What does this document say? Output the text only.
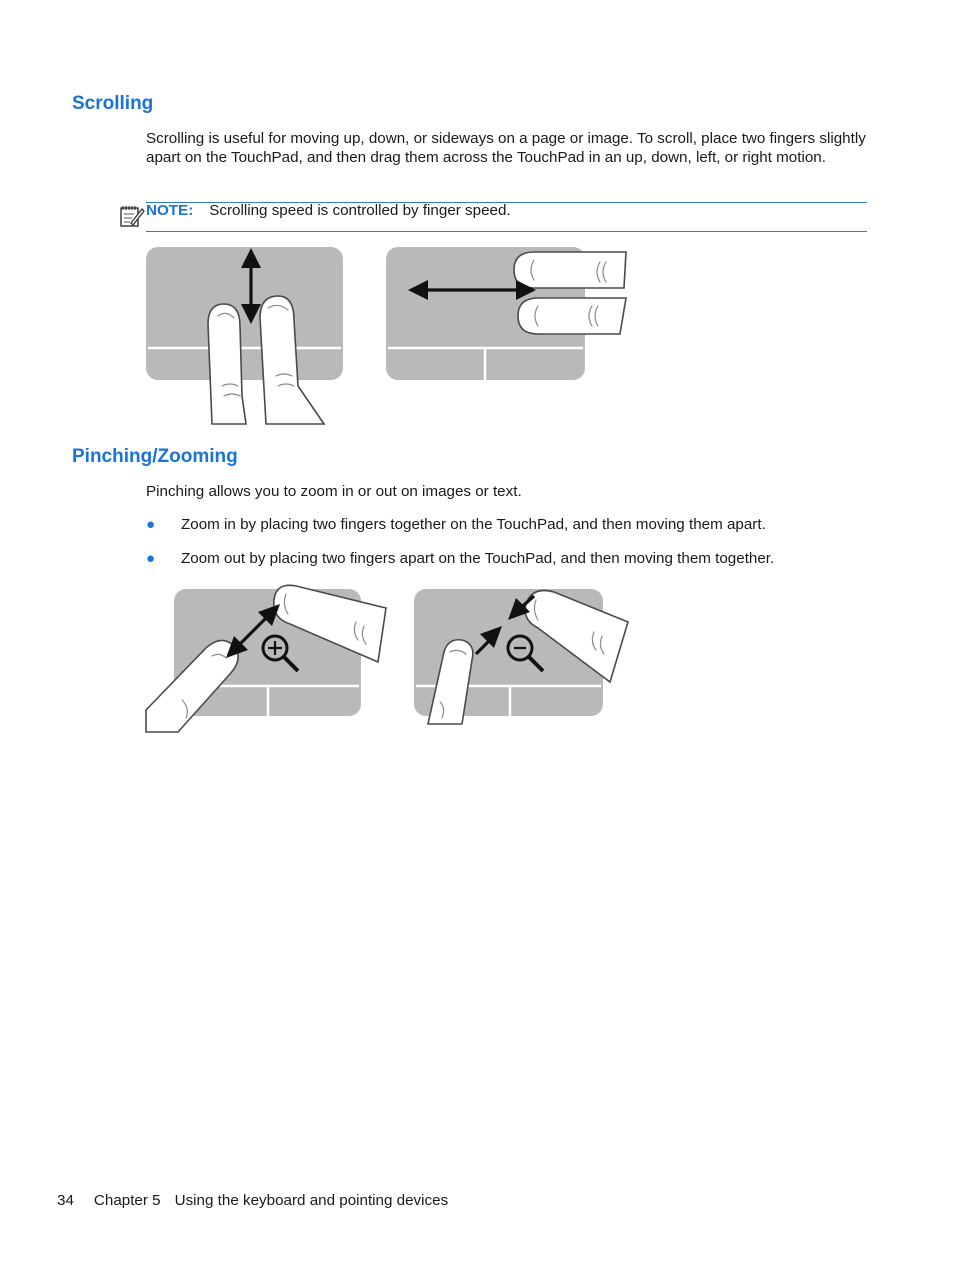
Scrolling

Scrolling is useful for moving up, down, or sideways on a page or image. To scroll, place two fingers slightly apart on the TouchPad, and then drag them across the TouchPad in an up, down, left, or right motion.

NOTE: Scrolling speed is controlled by finger speed.
Pinching/Zooming

Pinching allows you to zoom in or out on images or text.

● Zoom in by placing two fingers together on the TouchPad, and then moving them apart.
● Zoom out by placing two fingers apart on the TouchPad, and then moving them together.
34 Chapter 5 Using the keyboard and pointing devices
